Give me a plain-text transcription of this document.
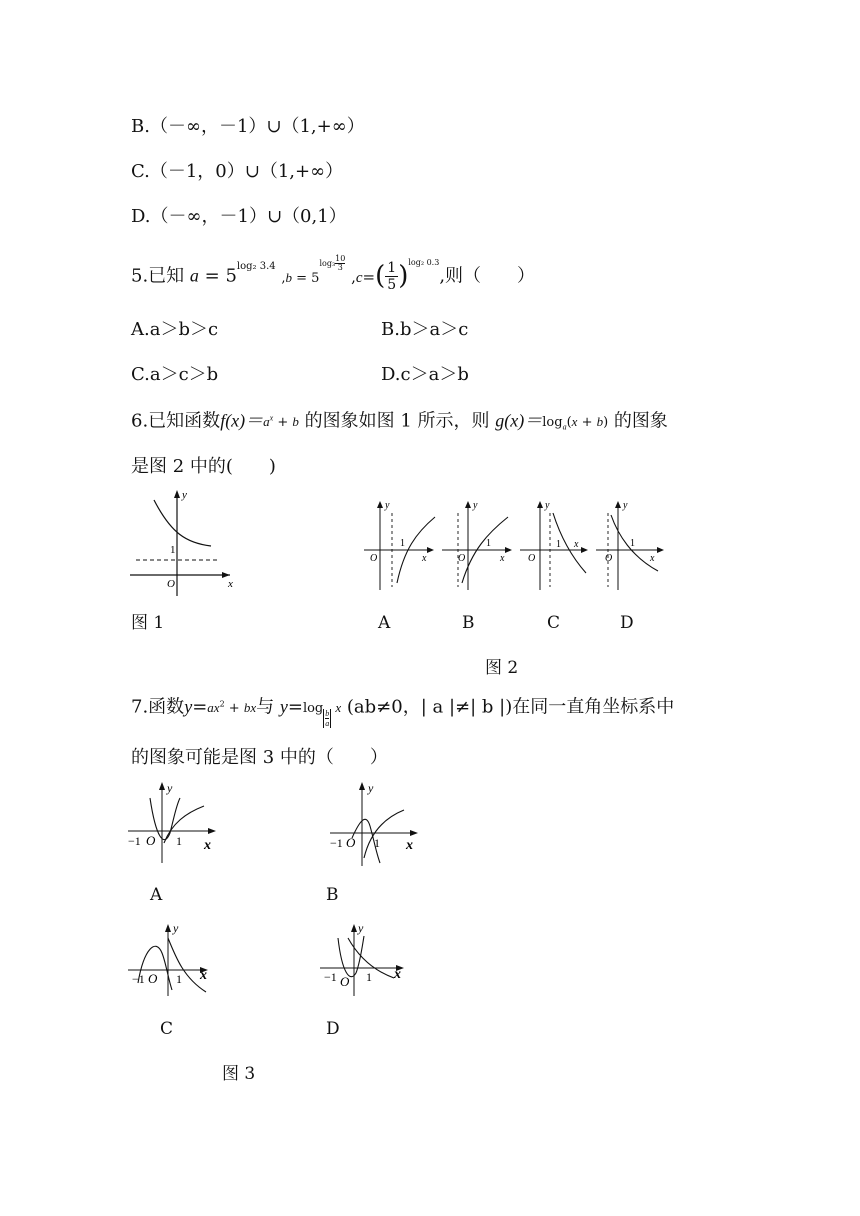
B.（－∞，－1）∪（1,+∞）
C.（－1，0）∪（1,+∞）
D.（－∞，－1）∪（0,1）
5.已知 $a = 5^{log_2 3.4}$ $,b = 5^{log_3 \frac{10}{3}}$
$,c=( \frac{1}{5} )^{log_2 0.3}$,则（　　）
A.a＞b＞c	B.b＞a＞c
C.a＞c＞b	D.c＞a＞b
6.已知函数$f(x)=a^x + b$ 的图象如图 1 所示，则 $g(x)=\log_a(x + b)$ 的图象
是图 2 中的(　　)
y
x
O
1
图 1
y
x
O
1
y
x
O
1
y
x
O
1
y
x
O
1
A	B	C	D
图 2
7.函数$y=ax^2$ + bx与 y=log
$_{\frac{b}{a}}$
x (ab≠0，| a |≠| b |)在同一直角坐标系中
的图象可能是图 3 中的（　　）
y
x
−1 O 1
y
x
−1 O 1
y
x
−1 O 1
y
x
−1 O 1
A	B
C	D
图 3
